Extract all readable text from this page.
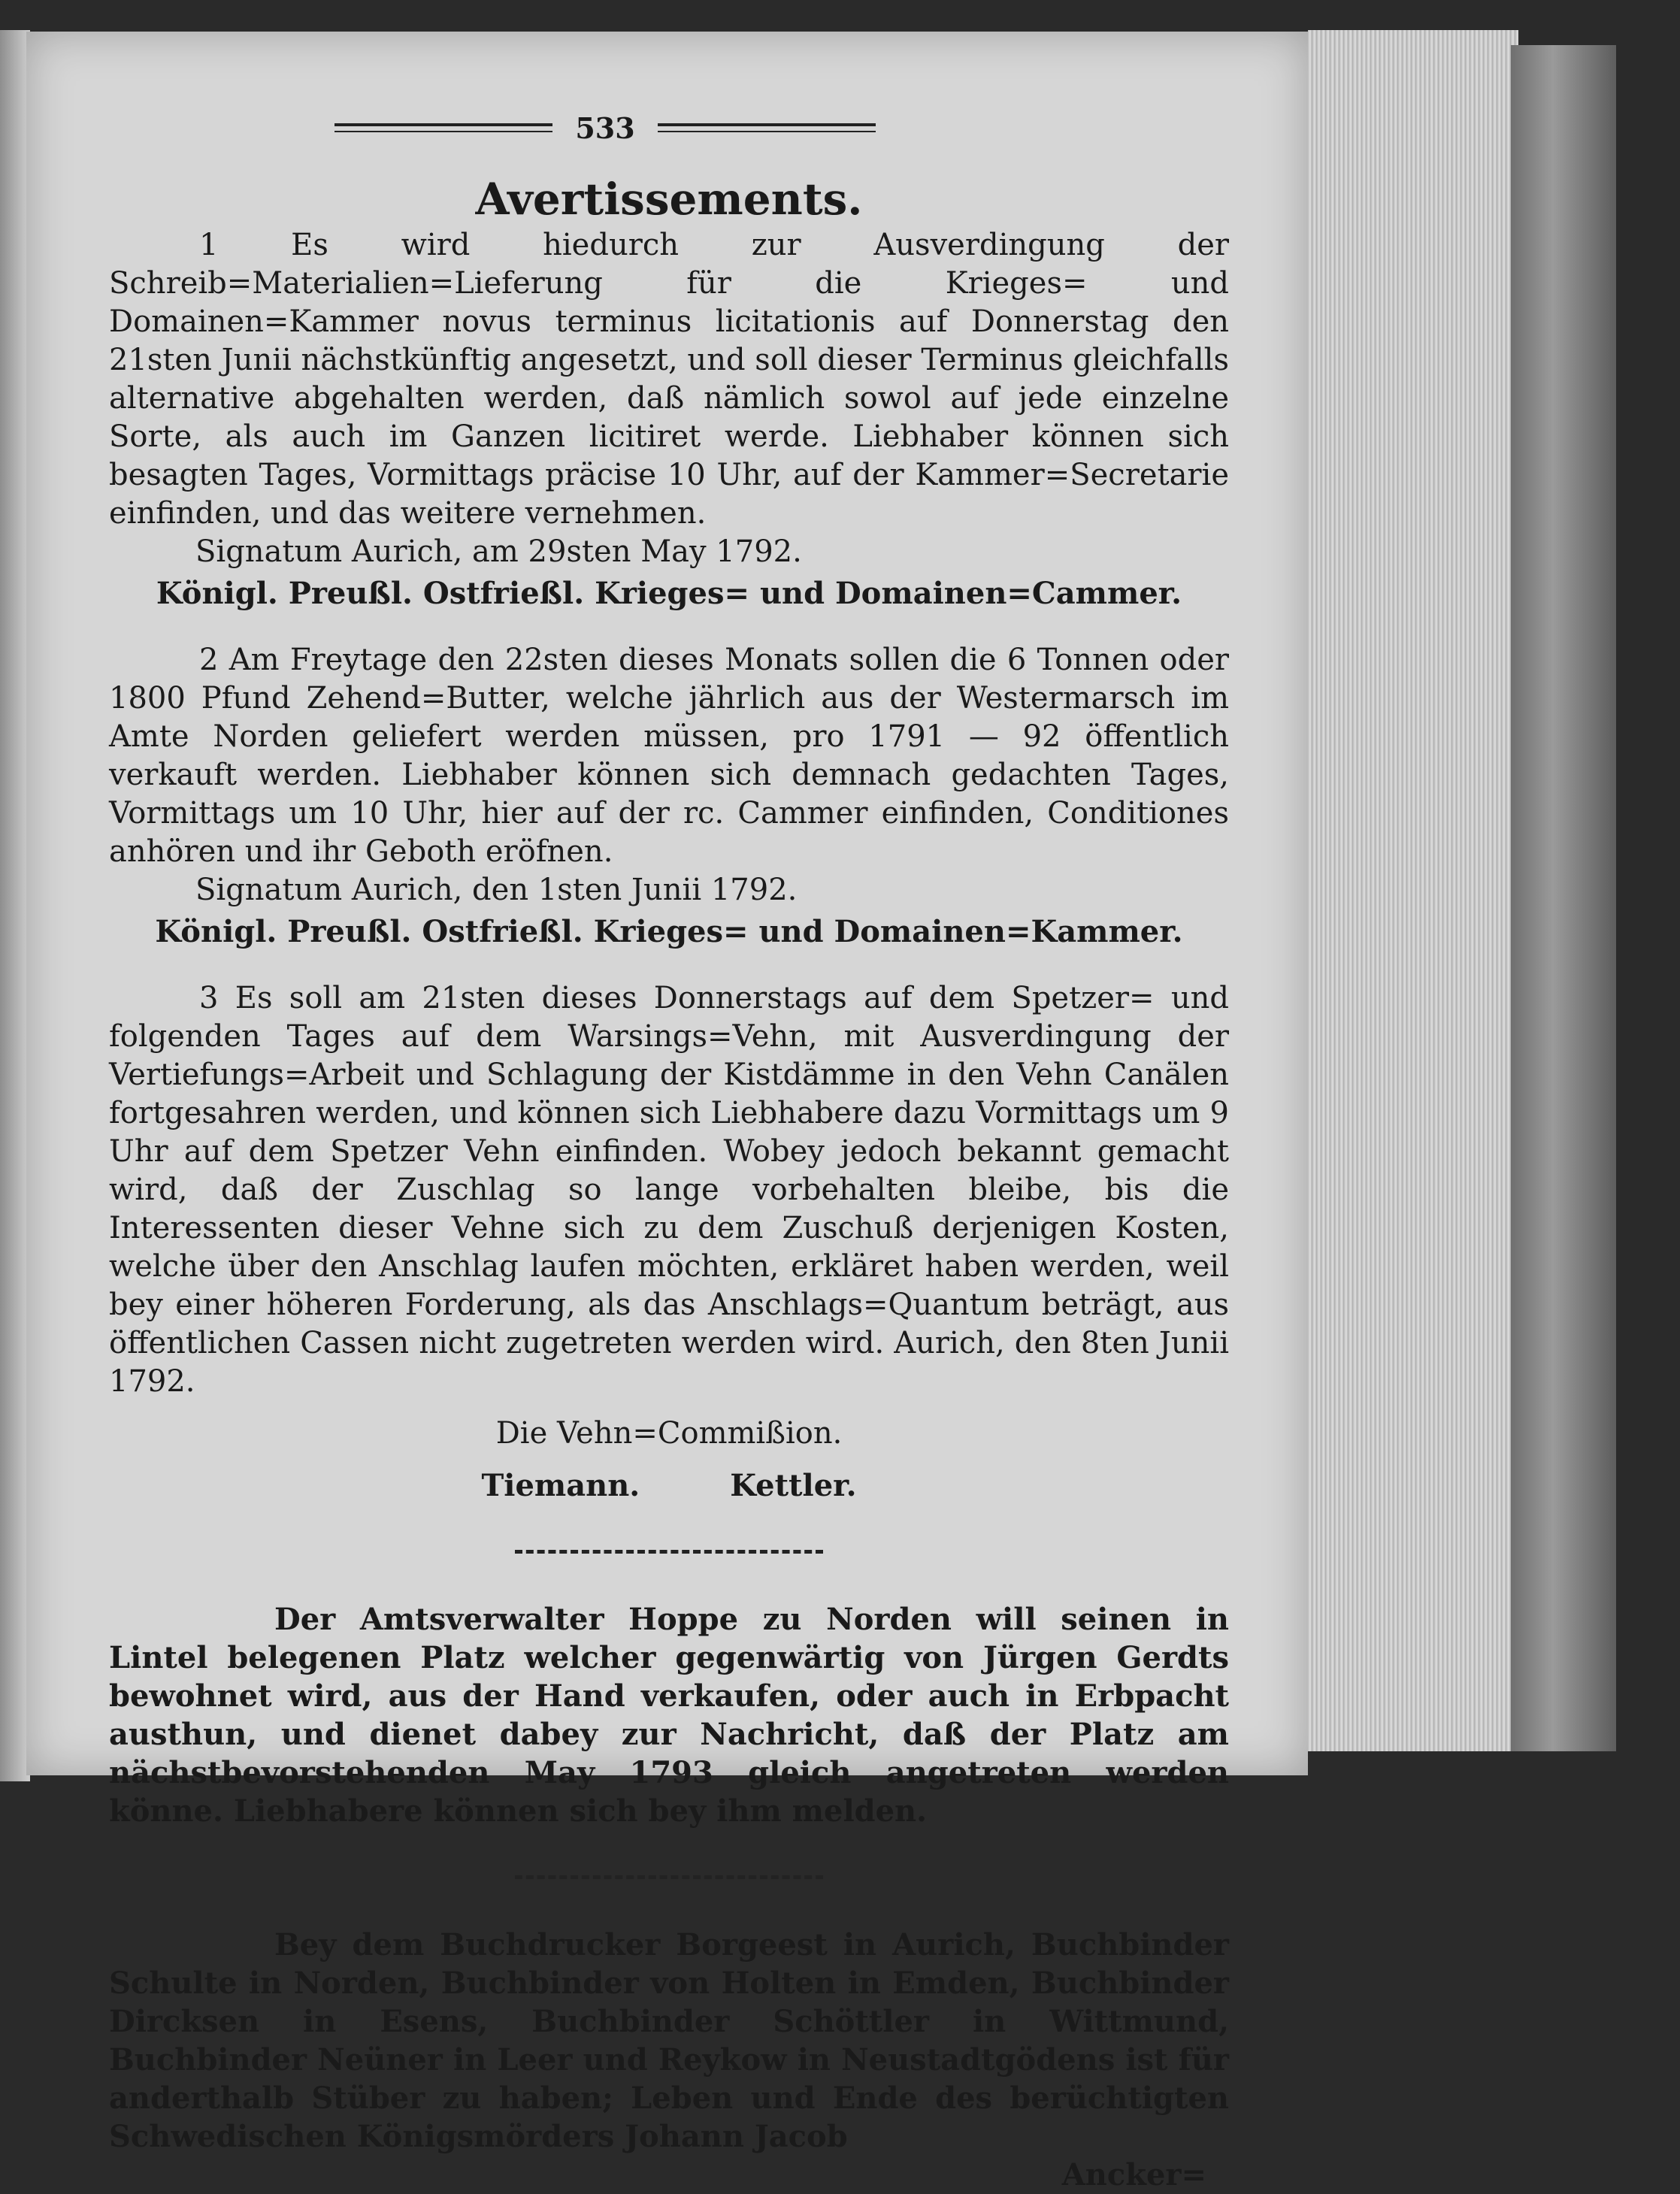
533
Avertissements.

1 Es wird hiedurch zur Ausverdingung der Schreib=Materialien=Lieferung für die Krieges= und Domainen=Kammer novus terminus licitationis auf Donnerstag den 21sten Junii nächstkünftig angesetzt, und soll dieser Terminus gleichfalls alternative abgehalten werden, daß nämlich sowol auf jede einzelne Sorte, als auch im Ganzen licitiret werde. Liebhaber können sich besagten Tages, Vormittags präcise 10 Uhr, auf der Kammer=Secretarie einfinden, und das weitere vernehmen.

Signatum Aurich, am 29sten May 1792.

Königl. Preußl. Ostfrießl. Krieges= und Domainen=Cammer.

2 Am Freytage den 22sten dieses Monats sollen die 6 Tonnen oder 1800 Pfund Zehend=Butter, welche jährlich aus der Westermarsch im Amte Norden geliefert werden müssen, pro 1791 — 92 öffentlich verkauft werden. Liebhaber können sich demnach gedachten Tages, Vormittags um 10 Uhr, hier auf der rc. Cammer einfinden, Conditiones anhören und ihr Geboth eröfnen.

Signatum Aurich, den 1sten Junii 1792.

Königl. Preußl. Ostfrießl. Krieges= und Domainen=Kammer.

3 Es soll am 21sten dieses Donnerstags auf dem Spetzer= und folgenden Tages auf dem Warsings=Vehn, mit Ausverdingung der Vertiefungs=Arbeit und Schlagung der Kistdämme in den Vehn Canälen fortgesahren werden, und können sich Liebhabere dazu Vormittags um 9 Uhr auf dem Spetzer Vehn einfinden. Wobey jedoch bekannt gemacht wird, daß der Zuschlag so lange vorbehalten bleibe, bis die Interessenten dieser Vehne sich zu dem Zuschuß derjenigen Kosten, welche über den Anschlag laufen möchten, erkläret haben werden, weil bey einer höheren Forderung, als das Anschlags=Quantum beträgt, aus öffentlichen Cassen nicht zugetreten werden wird. Aurich, den 8ten Junii 1792.

Die Vehn=Commißion.

Tiemann.	Kettler.

Der Amtsverwalter Hoppe zu Norden will seinen in Lintel belegenen Platz welcher gegenwärtig von Jürgen Gerdts bewohnet wird, aus der Hand verkaufen, oder auch in Erbpacht austhun, und dienet dabey zur Nachricht, daß der Platz am nächstbevorstehenden May 1793 gleich angetreten werden könne. Liebhabere können sich bey ihm melden.

Bey dem Buchdrucker Borgeest in Aurich, Buchbinder Schulte in Norden, Buchbinder von Holten in Emden, Buchbinder Dircksen in Esens, Buchbinder Schöttler in Wittmund, Buchbinder Neüner in Leer und Reykow in Neustadtgödens ist für anderthalb Stüber zu haben; Leben und Ende des berüchtigten Schwedischen Königsmörders Johann Jacob

Ancker=
